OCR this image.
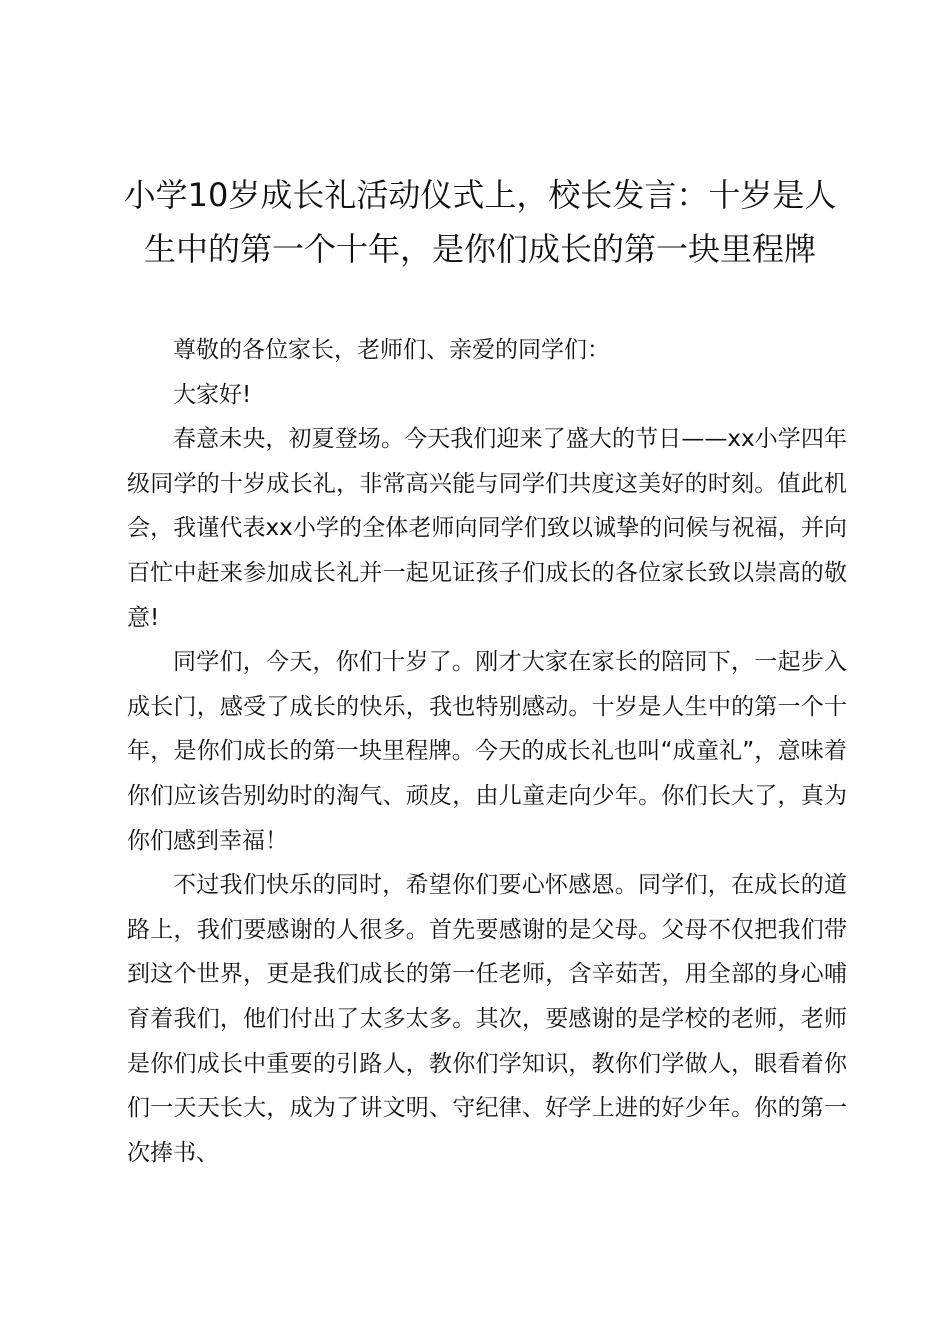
小学10岁成长礼活动仪式上，校长发言：十岁是人生中的第一个十年，是你们成长的第一块里程牌

尊敬的各位家长，老师们、亲爱的同学们：

大家好!

春意未央，初夏登场。今天我们迎来了盛大的节日——xx小学四年级同学的十岁成长礼，非常高兴能与同学们共度这美好的时刻。值此机会，我谨代表xx小学的全体老师向同学们致以诚挚的问候与祝福，并向百忙中赶来参加成长礼并一起见证孩子们成长的各位家长致以崇高的敬意!

同学们，今天，你们十岁了。刚才大家在家长的陪同下，一起步入成长门，感受了成长的快乐，我也特别感动。十岁是人生中的第一个十年，是你们成长的第一块里程牌。今天的成长礼也叫“成童礼”，意味着你们应该告别幼时的淘气、顽皮，由儿童走向少年。你们长大了，真为你们感到幸福！

不过我们快乐的同时，希望你们要心怀感恩。同学们，在成长的道路上，我们要感谢的人很多。首先要感谢的是父母。父母不仅把我们带到这个世界，更是我们成长的第一任老师，含辛茹苦，用全部的身心哺育着我们，他们付出了太多太多。其次，要感谢的是学校的老师，老师是你们成长中重要的引路人，教你们学知识，教你们学做人，眼看着你们一天天长大，成为了讲文明、守纪律、好学上进的好少年。你的第一次捧书、
